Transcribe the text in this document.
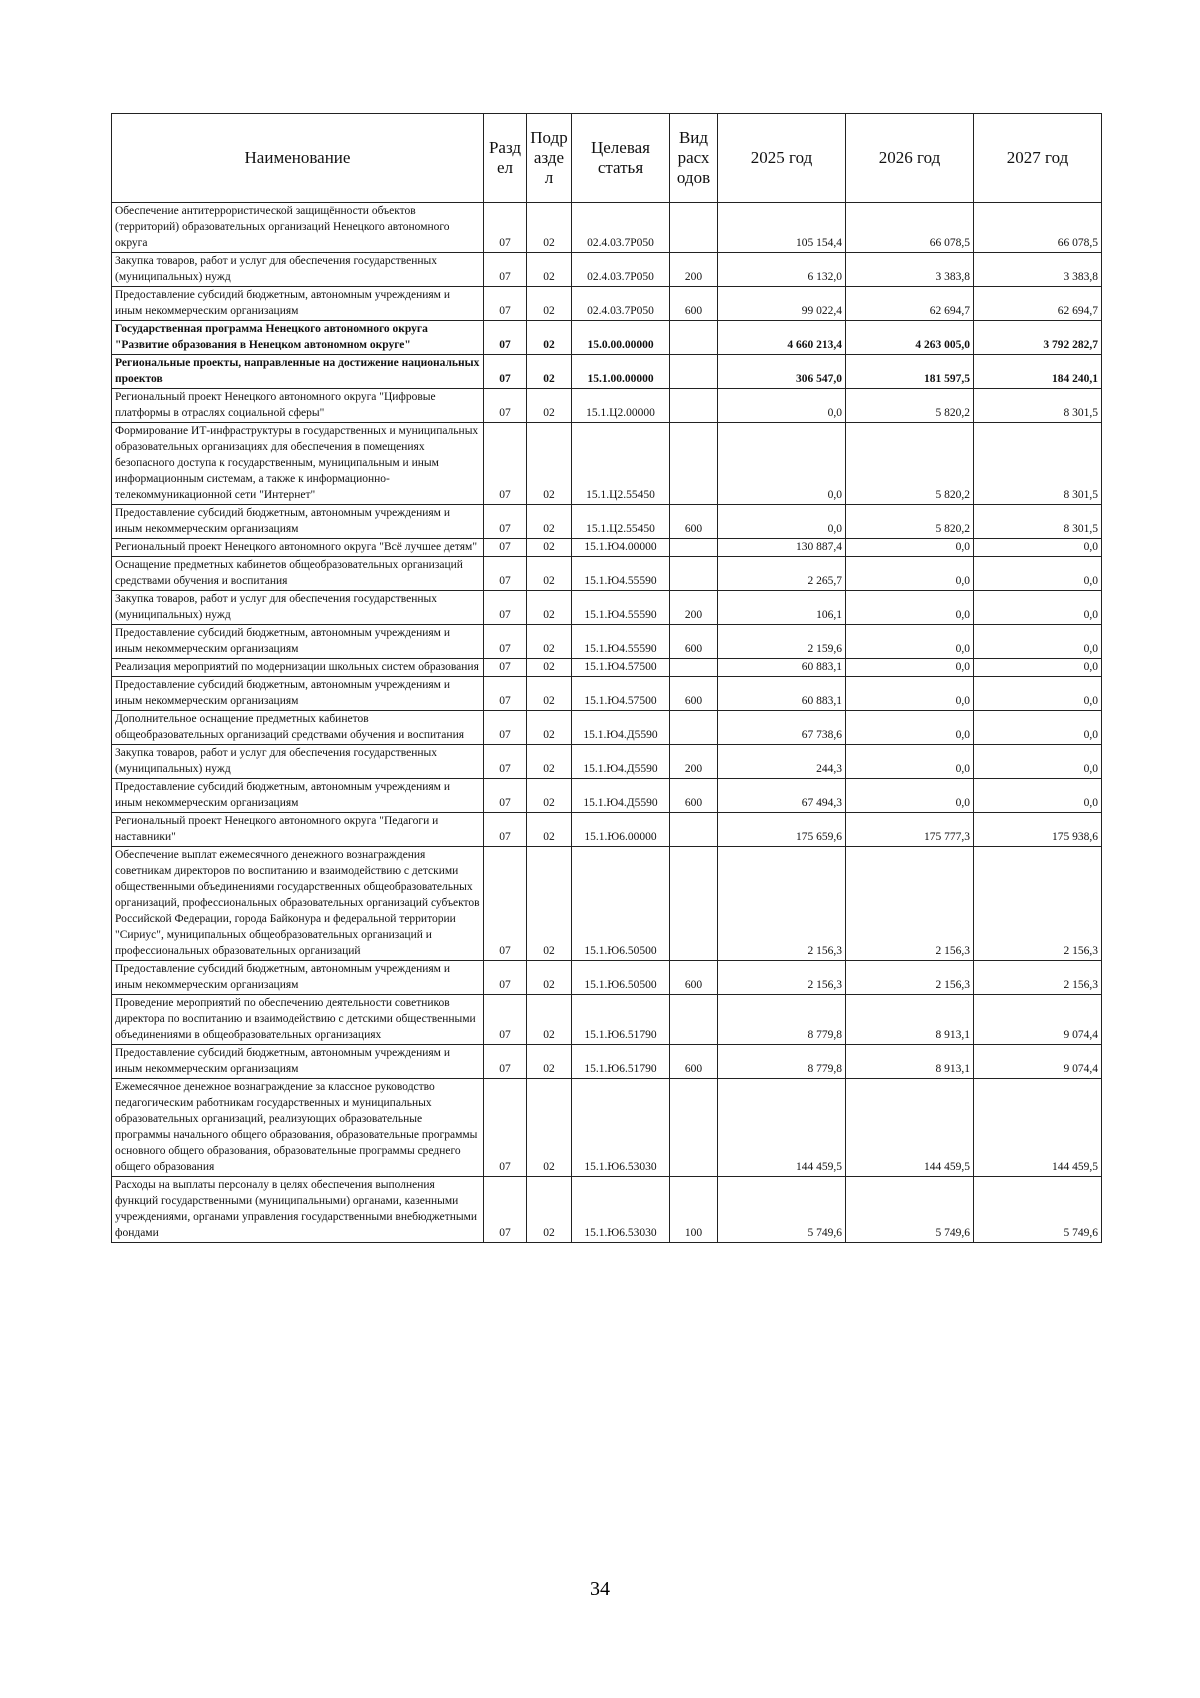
Наименование	Разд ел	Подр азде л	Целевая статья	Вид расх одов	2025 год	2026 год	2027 год
Обеспечение антитеррористической защищённости объектов (территорий) образовательных организаций Ненецкого автономного округа	07	02	02.4.03.7Р050		105 154,4	66 078,5	66 078,5
Закупка товаров, работ и услуг для обеспечения государственных (муниципальных) нужд	07	02	02.4.03.7Р050	200	6 132,0	3 383,8	3 383,8
Предоставление субсидий бюджетным, автономным учреждениям и иным некоммерческим организациям	07	02	02.4.03.7Р050	600	99 022,4	62 694,7	62 694,7
Государственная программа Ненецкого автономного округа "Развитие образования в Ненецком автономном округе"	07	02	15.0.00.00000		4 660 213,4	4 263 005,0	3 792 282,7
Региональные проекты, направленные на достижение национальных проектов	07	02	15.1.00.00000		306 547,0	181 597,5	184 240,1
Региональный проект Ненецкого автономного округа "Цифровые платформы в отраслях социальной сферы"	07	02	15.1.Ц2.00000		0,0	5 820,2	8 301,5
Формирование ИТ-инфраструктуры в государственных и муниципальных образовательных организациях для обеспечения в помещениях безопасного доступа к государственным, муниципальным и иным информационным системам, а также к информационно-телекоммуникационной сети "Интернет"	07	02	15.1.Ц2.55450		0,0	5 820,2	8 301,5
Предоставление субсидий бюджетным, автономным учреждениям и иным некоммерческим организациям	07	02	15.1.Ц2.55450	600	0,0	5 820,2	8 301,5
Региональный проект Ненецкого автономного округа "Всё лучшее детям"	07	02	15.1.Ю4.00000		130 887,4	0,0	0,0
Оснащение предметных кабинетов общеобразовательных организаций средствами обучения и воспитания	07	02	15.1.Ю4.55590		2 265,7	0,0	0,0
Закупка товаров, работ и услуг для обеспечения государственных (муниципальных) нужд	07	02	15.1.Ю4.55590	200	106,1	0,0	0,0
Предоставление субсидий бюджетным, автономным учреждениям и иным некоммерческим организациям	07	02	15.1.Ю4.55590	600	2 159,6	0,0	0,0
Реализация мероприятий по модернизации школьных систем образования	07	02	15.1.Ю4.57500		60 883,1	0,0	0,0
Предоставление субсидий бюджетным, автономным учреждениям и иным некоммерческим организациям	07	02	15.1.Ю4.57500	600	60 883,1	0,0	0,0
Дополнительное оснащение предметных кабинетов общеобразовательных организаций средствами обучения и воспитания	07	02	15.1.Ю4.Д5590		67 738,6	0,0	0,0
Закупка товаров, работ и услуг для обеспечения государственных (муниципальных) нужд	07	02	15.1.Ю4.Д5590	200	244,3	0,0	0,0
Предоставление субсидий бюджетным, автономным учреждениям и иным некоммерческим организациям	07	02	15.1.Ю4.Д5590	600	67 494,3	0,0	0,0
Региональный проект Ненецкого автономного округа "Педагоги и наставники"	07	02	15.1.Ю6.00000		175 659,6	175 777,3	175 938,6
Обеспечение выплат ежемесячного денежного вознаграждения советникам директоров по воспитанию и взаимодействию с детскими общественными объединениями государственных общеобразовательных организаций, профессиональных образовательных организаций субъектов Российской Федерации, города Байконура и федеральной территории "Сириус", муниципальных общеобразовательных организаций и профессиональных образовательных организаций	07	02	15.1.Ю6.50500		2 156,3	2 156,3	2 156,3
Предоставление субсидий бюджетным, автономным учреждениям и иным некоммерческим организациям	07	02	15.1.Ю6.50500	600	2 156,3	2 156,3	2 156,3
Проведение мероприятий по обеспечению деятельности советников директора по воспитанию и взаимодействию с детскими общественными объединениями в общеобразовательных организациях	07	02	15.1.Ю6.51790		8 779,8	8 913,1	9 074,4
Предоставление субсидий бюджетным, автономным учреждениям и иным некоммерческим организациям	07	02	15.1.Ю6.51790	600	8 779,8	8 913,1	9 074,4
Ежемесячное денежное вознаграждение за классное руководство педагогическим работникам государственных и муниципальных образовательных организаций, реализующих образовательные программы начального общего образования, образовательные программы основного общего образования, образовательные программы среднего общего образования	07	02	15.1.Ю6.53030		144 459,5	144 459,5	144 459,5
Расходы на выплаты персоналу в целях обеспечения выполнения функций государственными (муниципальными) органами, казенными учреждениями, органами управления государственными внебюджетными фондами	07	02	15.1.Ю6.53030	100	5 749,6	5 749,6	5 749,6
34
